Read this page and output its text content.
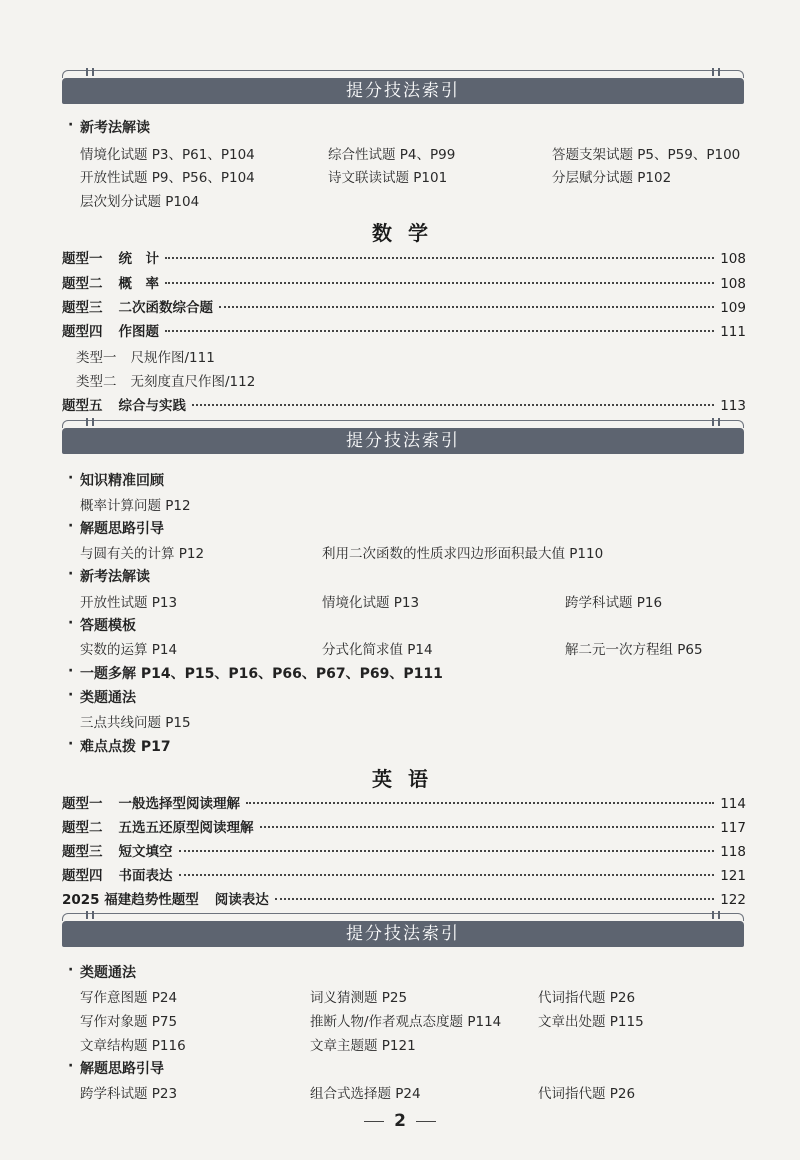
提分技法索引
· 新考法解读
情境化试题 P3、P61、P104	综合性试题 P4、P99	答题支架试题 P5、P59、P100
开放性试题 P9、P56、P104	诗文联读试题 P101	分层赋分试题 P102
层次划分试题 P104
数学
题型一 统　计	108
题型二 概　率	108
题型三 二次函数综合题	109
题型四 作图题	111
类型一 尺规作图/111
类型二 无刻度直尺作图/112
题型五 综合与实践	113
提分技法索引
· 知识精准回顾
概率计算问题 P12
· 解题思路引导
与圆有关的计算 P12	利用二次函数的性质求四边形面积最大值 P110
· 新考法解读
开放性试题 P13	情境化试题 P13	跨学科试题 P16
· 答题模板
实数的运算 P14	分式化简求值 P14	解二元一次方程组 P65
· 一题多解 P14、P15、P16、P66、P67、P69、P111
· 类题通法
三点共线问题 P15
· 难点点拨 P17
英语
题型一 一般选择型阅读理解	114
题型二 五选五还原型阅读理解	117
题型三 短文填空	118
题型四 书面表达	121
2025 福建趋势性题型 阅读表达	122
提分技法索引
· 类题通法
写作意图题 P24	词义猜测题 P25	代词指代题 P26
写作对象题 P75	推断人物/作者观点态度题 P114	文章出处题 P115
文章结构题 P116	文章主题题 P121
· 解题思路引导
跨学科试题 P23	组合式选择题 P24	代词指代题 P26
2
